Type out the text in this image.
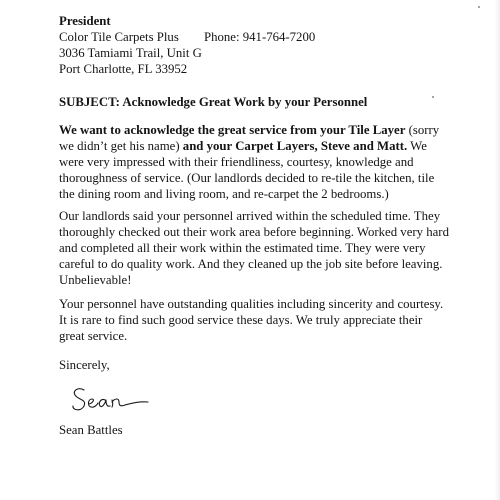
President
Color Tile Carpets Plus Phone: 941-764-7200
3036 Tamiami Trail, Unit G
Port Charlotte, FL 33952
SUBJECT: Acknowledge Great Work by your Personnel
We want to acknowledge the great service from your Tile Layer (sorry
we didn’t get his name) and your Carpet Layers, Steve and Matt. We
were very impressed with their friendliness, courtesy, knowledge and
thoroughness of service. (Our landlords decided to re-tile the kitchen, tile
the dining room and living room, and re-carpet the 2 bedrooms.)
Our landlords said your personnel arrived within the scheduled time. They
thoroughly checked out their work area before beginning. Worked very hard
and completed all their work within the estimated time. They were very
careful to do quality work. And they cleaned up the job site before leaving.
Unbelievable!
Your personnel have outstanding qualities including sincerity and courtesy.
It is rare to find such good service these days. We truly appreciate their
great service.
Sincerely,
Sean Battles
